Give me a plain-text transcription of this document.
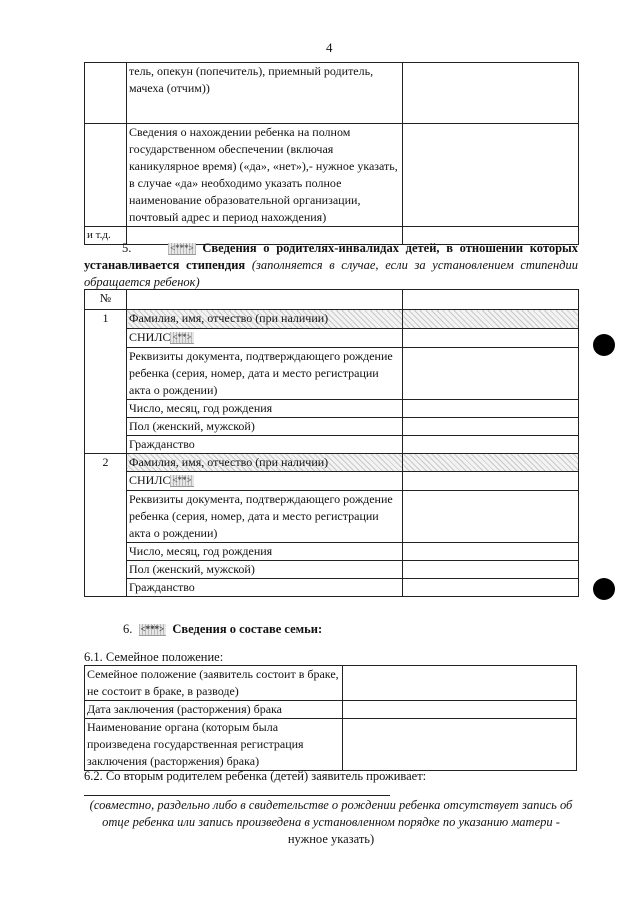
4
	тель, опекун (попечитель), приемный родитель, мачеха (отчим))	
	Сведения о нахождении ребенка на полном государственном обеспечении (включая каникулярное время) («да», «нет»),- нужное указать, в случае «да» необходимо указать полное наименование образовательной организации, почтовый адрес и период нахождения)	
и т.д.		
5.	<***> Сведения о родителях-инвалидах детей, в отношении которых устанавливается стипендия (заполняется в случае, если за установлением стипендии обращается ребенок)
№		
1	Фамилия, имя, отчество (при наличии)	
	СНИЛС <**>	
	Реквизиты документа, подтверждающего рождение ребенка (серия, номер, дата и место регистрации акта о рождении)	
	Число, месяц, год рождения	
	Пол (женский, мужской)	
	Гражданство	
2	Фамилия, имя, отчество (при наличии)	
	СНИЛС <**>	
	Реквизиты документа, подтверждающего рождение ребенка (серия, номер, дата и место регистрации акта о рождении)	
	Число, месяц, год рождения	
	Пол (женский, мужской)	
	Гражданство	
6. <***> Сведения о составе семьи:
6.1. Семейное положение:
Семейное положение (заявитель состоит в браке, не состоит в браке, в разводе)	
Дата заключения (расторжения) брака	
Наименование органа (которым была произведена государственная регистрация заключения (расторжения) брака)	
6.2. Со вторым родителем ребенка (детей) заявитель проживает:
(совместно, раздельно либо в свидетельстве о рождении ребенка отсутствует запись об отце ребенка или запись произведена в установленном порядке по указанию матери - нужное указать)
